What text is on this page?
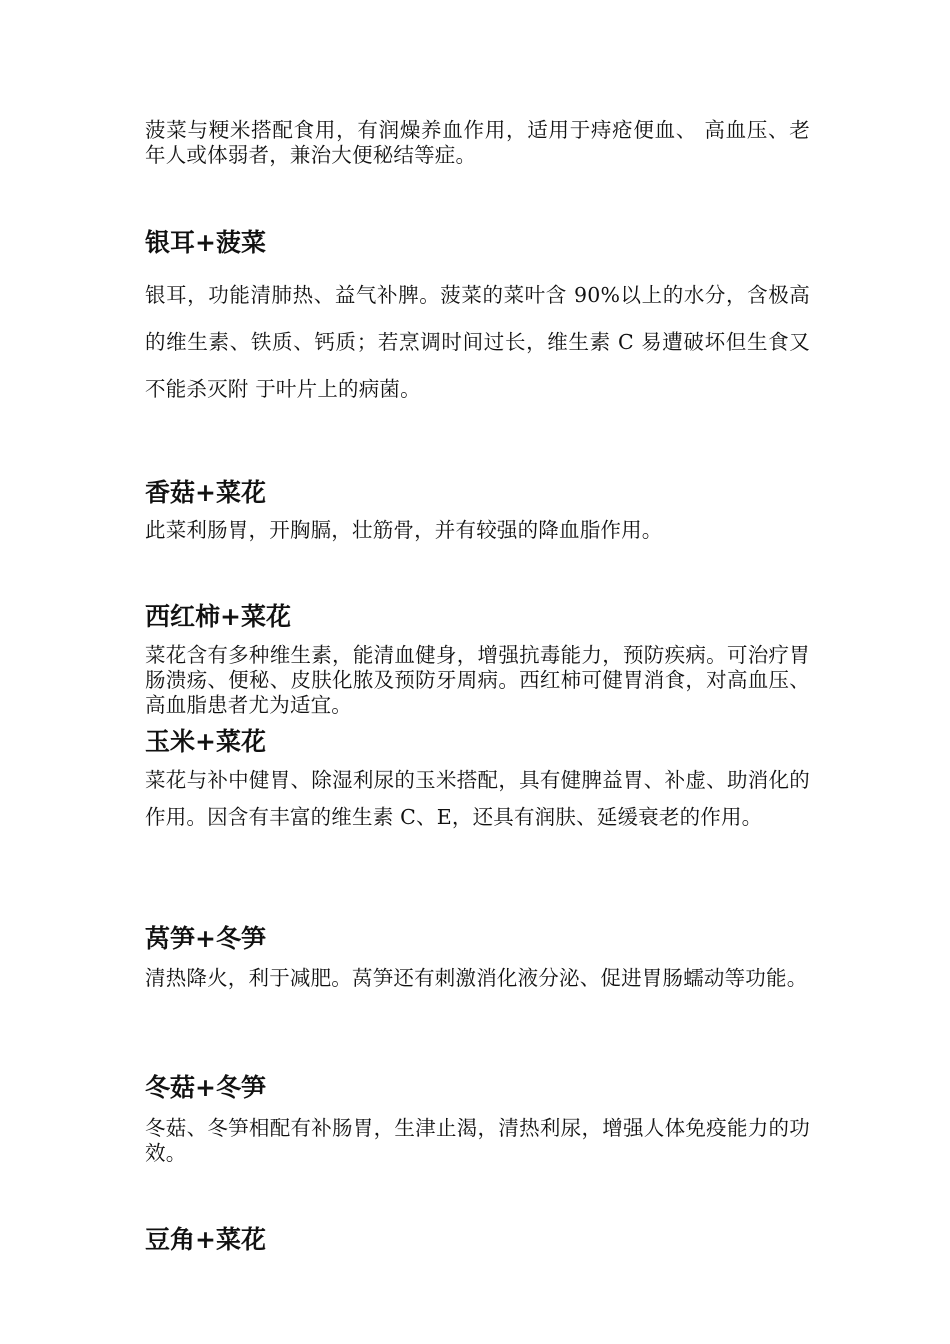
菠菜与粳米搭配食用，有润燥养血作用，适用于痔疮便血、 高血压、老年人或体弱者，兼治大便秘结等症。

银耳+菠菜

银耳，功能清肺热、益气补脾。菠菜的菜叶含 90%以上的水分，含极高的维生素、铁质、钙质；若烹调时间过长，维生素 C 易遭破坏但生食又不能杀灭附 于叶片上的病菌。

香菇+菜花

此菜利肠胃，开胸膈，壮筋骨，并有较强的降血脂作用。

西红柿+菜花

菜花含有多种维生素，能清血健身，增强抗毒能力，预防疾病。可治疗胃肠溃疡、便秘、皮肤化脓及预防牙周病。西红柿可健胃消食，对高血压、高血脂患者尤为适宜。

玉米+菜花

菜花与补中健胃、除湿利尿的玉米搭配，具有健脾益胃、补虚、助消化的作用。因含有丰富的维生素 C、E，还具有润肤、延缓衰老的作用。

莴笋+冬笋

清热降火，利于减肥。莴笋还有刺激消化液分泌、促进胃肠蠕动等功能。

冬菇+冬笋

冬菇、冬笋相配有补肠胃，生津止渴，清热利尿，增强人体免疫能力的功效。

豆角+菜花
